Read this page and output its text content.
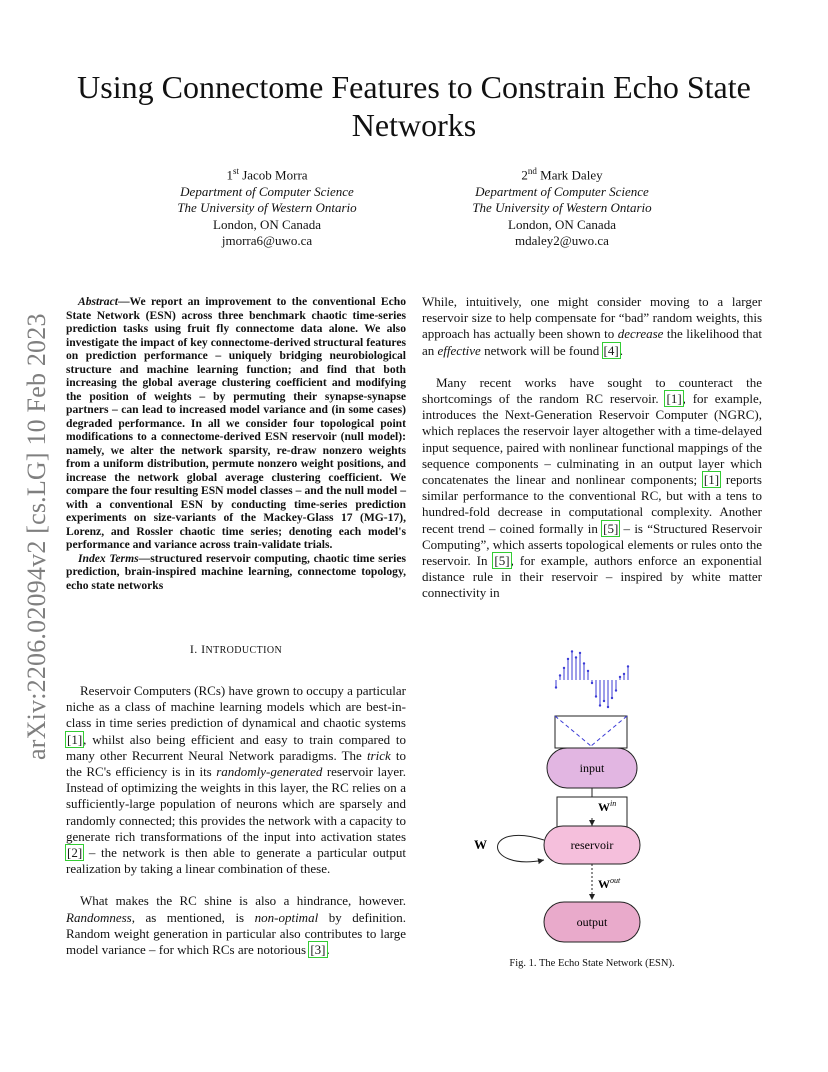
arXiv:2206.02094v2 [cs.LG] 10 Feb 2023
Using Connectome Features to Constrain Echo State Networks
1st Jacob Morra
Department of Computer Science
The University of Western Ontario
London, ON Canada
jmorra6@uwo.ca
2nd Mark Daley
Department of Computer Science
The University of Western Ontario
London, ON Canada
mdaley2@uwo.ca

Abstract—We report an improvement to the conventional Echo State Network (ESN) across three benchmark chaotic time-series prediction tasks using fruit fly connectome data alone. We also investigate the impact of key connectome-derived structural features on prediction performance – uniquely bridging neurobiological structure and machine learning function; and find that both increasing the global average clustering coefficient and modifying the position of weights – by permuting their synapse-synapse partners – can lead to increased model variance and (in some cases) degraded performance. In all we consider four topological point modifications to a connectome-derived ESN reservoir (null model): namely, we alter the network sparsity, re-draw nonzero weights from a uniform distribution, permute nonzero weight positions, and increase the network global average clustering coefficient. We compare the four resulting ESN model classes – and the null model – with a conventional ESN by conducting time-series prediction experiments on size-variants of the Mackey-Glass 17 (MG-17), Lorenz, and Rossler chaotic time series; denoting each model's performance and variance across train-validate trials.

Index Terms—structured reservoir computing, chaotic time series prediction, brain-inspired machine learning, connectome topology, echo state networks

I. INTRODUCTION

Reservoir Computers (RCs) have grown to occupy a particular niche as a class of machine learning models which are best-in-class in time series prediction of dynamical and chaotic systems [1], whilst also being efficient and easy to train compared to many other Recurrent Neural Network paradigms. The trick to the RC's efficiency is in its randomly-generated reservoir layer. Instead of optimizing the weights in this layer, the RC relies on a sufficiently-large population of neurons which are sparsely and randomly connected; this provides the network with a capacity to generate rich transformations of the input into activation states [2] – the network is then able to generate a particular output realization by taking a linear combination of these.

What makes the RC shine is also a hindrance, however. Randomness, as mentioned, is non-optimal by definition. Random weight generation in particular also contributes to large model variance – for which RCs are notorious [3].

While, intuitively, one might consider moving to a larger reservoir size to help compensate for “bad” random weights, this approach has actually been shown to decrease the likelihood that an effective network will be found [4].

Many recent works have sought to counteract the shortcomings of the random RC reservoir. [1], for example, introduces the Next-Generation Reservoir Computer (NGRC), which replaces the reservoir layer altogether with a time-delayed input sequence, paired with nonlinear functional mappings of the sequence components – culminating in an output layer which concatenates the linear and nonlinear components; [1] reports similar performance to the conventional RC, but with a tens to hundred-fold decrease in computational complexity. Another recent trend – coined formally in [5] – is “Structured Reservoir Computing”, which asserts topological elements or rules onto the reservoir. In [5], for example, authors enforce an exponential distance rule in their reservoir – inspired by white matter connectivity in

input
$W^{in}$
reservoir
W
$W^{out}$
output
Fig. 1. The Echo State Network (ESN).
